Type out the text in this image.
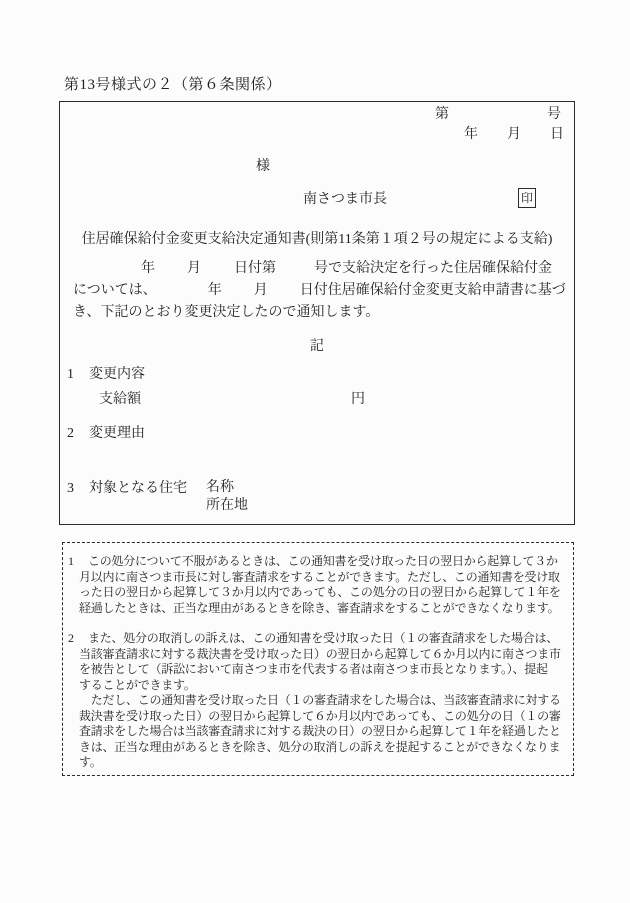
第13号様式の２（第６条関係）
第	号
年 月 日
様
南さつま市長	印
住居確保給付金変更支給決定通知書(則第11条第１項２号の規定による支給)
年 月 日付第	号で支給決定を行った住居確保給付金
については、	年 月 日付住居確保給付金変更支給申請書に基づ
き、下記のとおり変更決定したので通知します。
記
1	変更内容
支給額	円
2	変更理由
3	対象となる住宅	名称
所在地
1	この処分について不服があるときは、この通知書を受け取った日の翌日から起算して３か
月以内に南さつま市長に対し審査請求をすることができます。ただし、この通知書を受け取
った日の翌日から起算して３か月以内であっても、この処分の日の翌日から起算して１年を
経過したときは、正当な理由があるときを除き、審査請求をすることができなくなります。
2	また、処分の取消しの訴えは、この通知書を受け取った日（１の審査請求をした場合は、
当該審査請求に対する裁決書を受け取った日）の翌日から起算して６か月以内に南さつま市
を被告として（訴訟において南さつま市を代表する者は南さつま市長となります。）、提起
することができます。
　ただし、この通知書を受け取った日（１の審査請求をした場合は、当該審査請求に対する
裁決書を受け取った日）の翌日から起算して６か月以内であっても、この処分の日（１の審
査請求をした場合は当該審査請求に対する裁決の日）の翌日から起算して１年を経過したと
きは、正当な理由があるときを除き、処分の取消しの訴えを提起することができなくなりま
す。
